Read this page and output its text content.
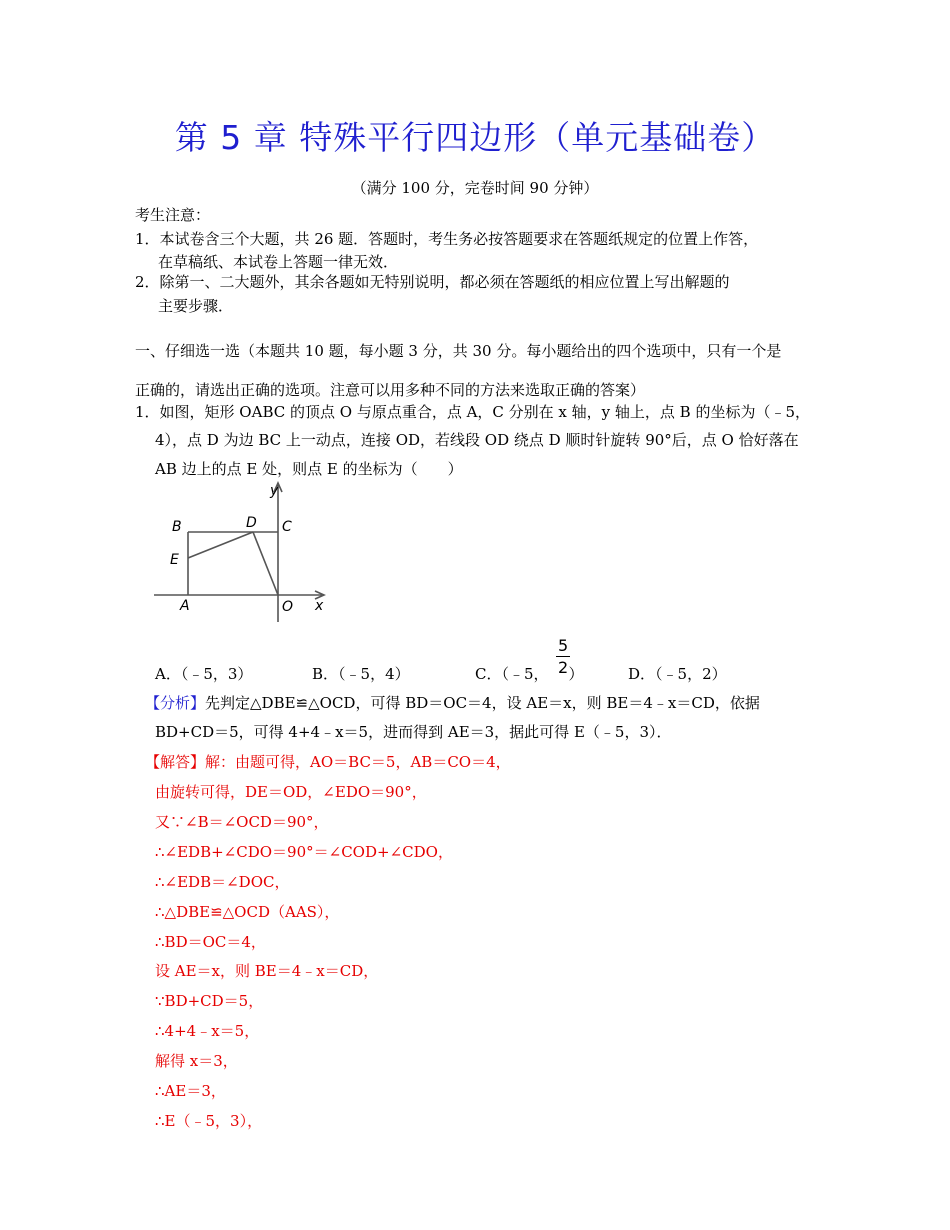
第 5 章 特殊平行四边形（单元基础卷）
（满分 100 分，完卷时间 90 分钟）
考生注意：
1．本试卷含三个大题，共 26 题．答题时，考生务必按答题要求在答题纸规定的位置上作答，
在草稿纸、本试卷上答题一律无效．
2．除第一、二大题外，其余各题如无特别说明，都必须在答题纸的相应位置上写出解题的
主要步骤．
一、仔细选一选（本题共 10 题，每小题 3 分，共 30 分。每小题给出的四个选项中，只有一个是
正确的，请选出正确的选项。注意可以用多种不同的方法来选取正确的答案）
1．如图，矩形 OABC 的顶点 O 与原点重合，点 A，C 分别在 x 轴，y 轴上，点 B 的坐标为（﹣5，
4），点 D 为边 BC 上一动点，连接 OD，若线段 OD 绕点 D 顺时针旋转 90°后，点 O 恰好落在
AB 边上的点 E 处，则点 E 的坐标为（　　）
y
x
B	D C
E
A	O
A．（﹣5，3）	B．（﹣5，4）	C．（﹣5， ）
5
2	D．（﹣5，2）
【分析】先判定△DBE≌△OCD，可得 BD＝OC＝4，设 AE＝x，则 BE＝4﹣x＝CD，依据
BD+CD＝5，可得 4+4﹣x＝5，进而得到 AE＝3，据此可得 E（﹣5，3）．
【解答】解：由题可得，AO＝BC＝5，AB＝CO＝4，
由旋转可得，DE＝OD，∠EDO＝90°，
又∵∠B＝∠OCD＝90°，
∴∠EDB+∠CDO＝90°＝∠COD+∠CDO，
∴∠EDB＝∠DOC，
∴△DBE≌△OCD（AAS），
∴BD＝OC＝4，
设 AE＝x，则 BE＝4﹣x＝CD，
∵BD+CD＝5，
∴4+4﹣x＝5，
解得 x＝3，
∴AE＝3，
∴E（﹣5，3），
